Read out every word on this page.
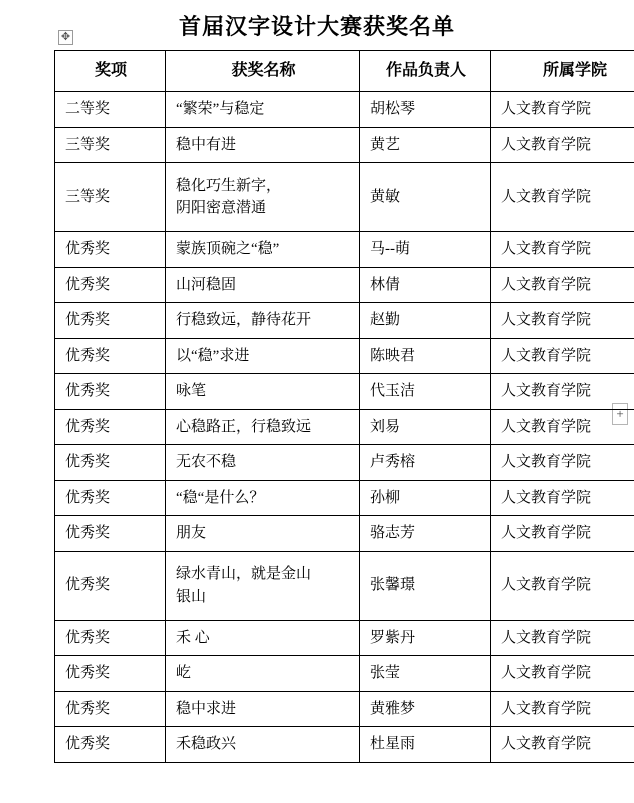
首届汉字设计大赛获奖名单
✥
+
奖项	获奖名称	作品负责人	所属学院
二等奖	“繁荣”与稳定	胡松琴	人文教育学院
三等奖	稳中有进	黄艺	人文教育学院
三等奖	稳化巧生新字，
阴阳密意潜通	黄敏	人文教育学院
优秀奖	蒙族顶碗之“稳”	马--萌	人文教育学院
优秀奖	山河稳固	林倩	人文教育学院
优秀奖	行稳致远，静待花开	赵勤	人文教育学院
优秀奖	以“稳”求进	陈映君	人文教育学院
优秀奖	咏笔	代玉洁	人文教育学院
优秀奖	心稳路正，行稳致远	刘易	人文教育学院
优秀奖	无农不稳	卢秀榕	人文教育学院
优秀奖	“稳“是什么？	孙柳	人文教育学院
优秀奖	朋友	骆志芳	人文教育学院
优秀奖	绿水青山，就是金山
银山	张馨璟	人文教育学院
优秀奖	禾 心	罗紫丹	人文教育学院
优秀奖	屹	张莹	人文教育学院
优秀奖	稳中求进	黄雅梦	人文教育学院
优秀奖	禾稳政兴	杜星雨	人文教育学院
